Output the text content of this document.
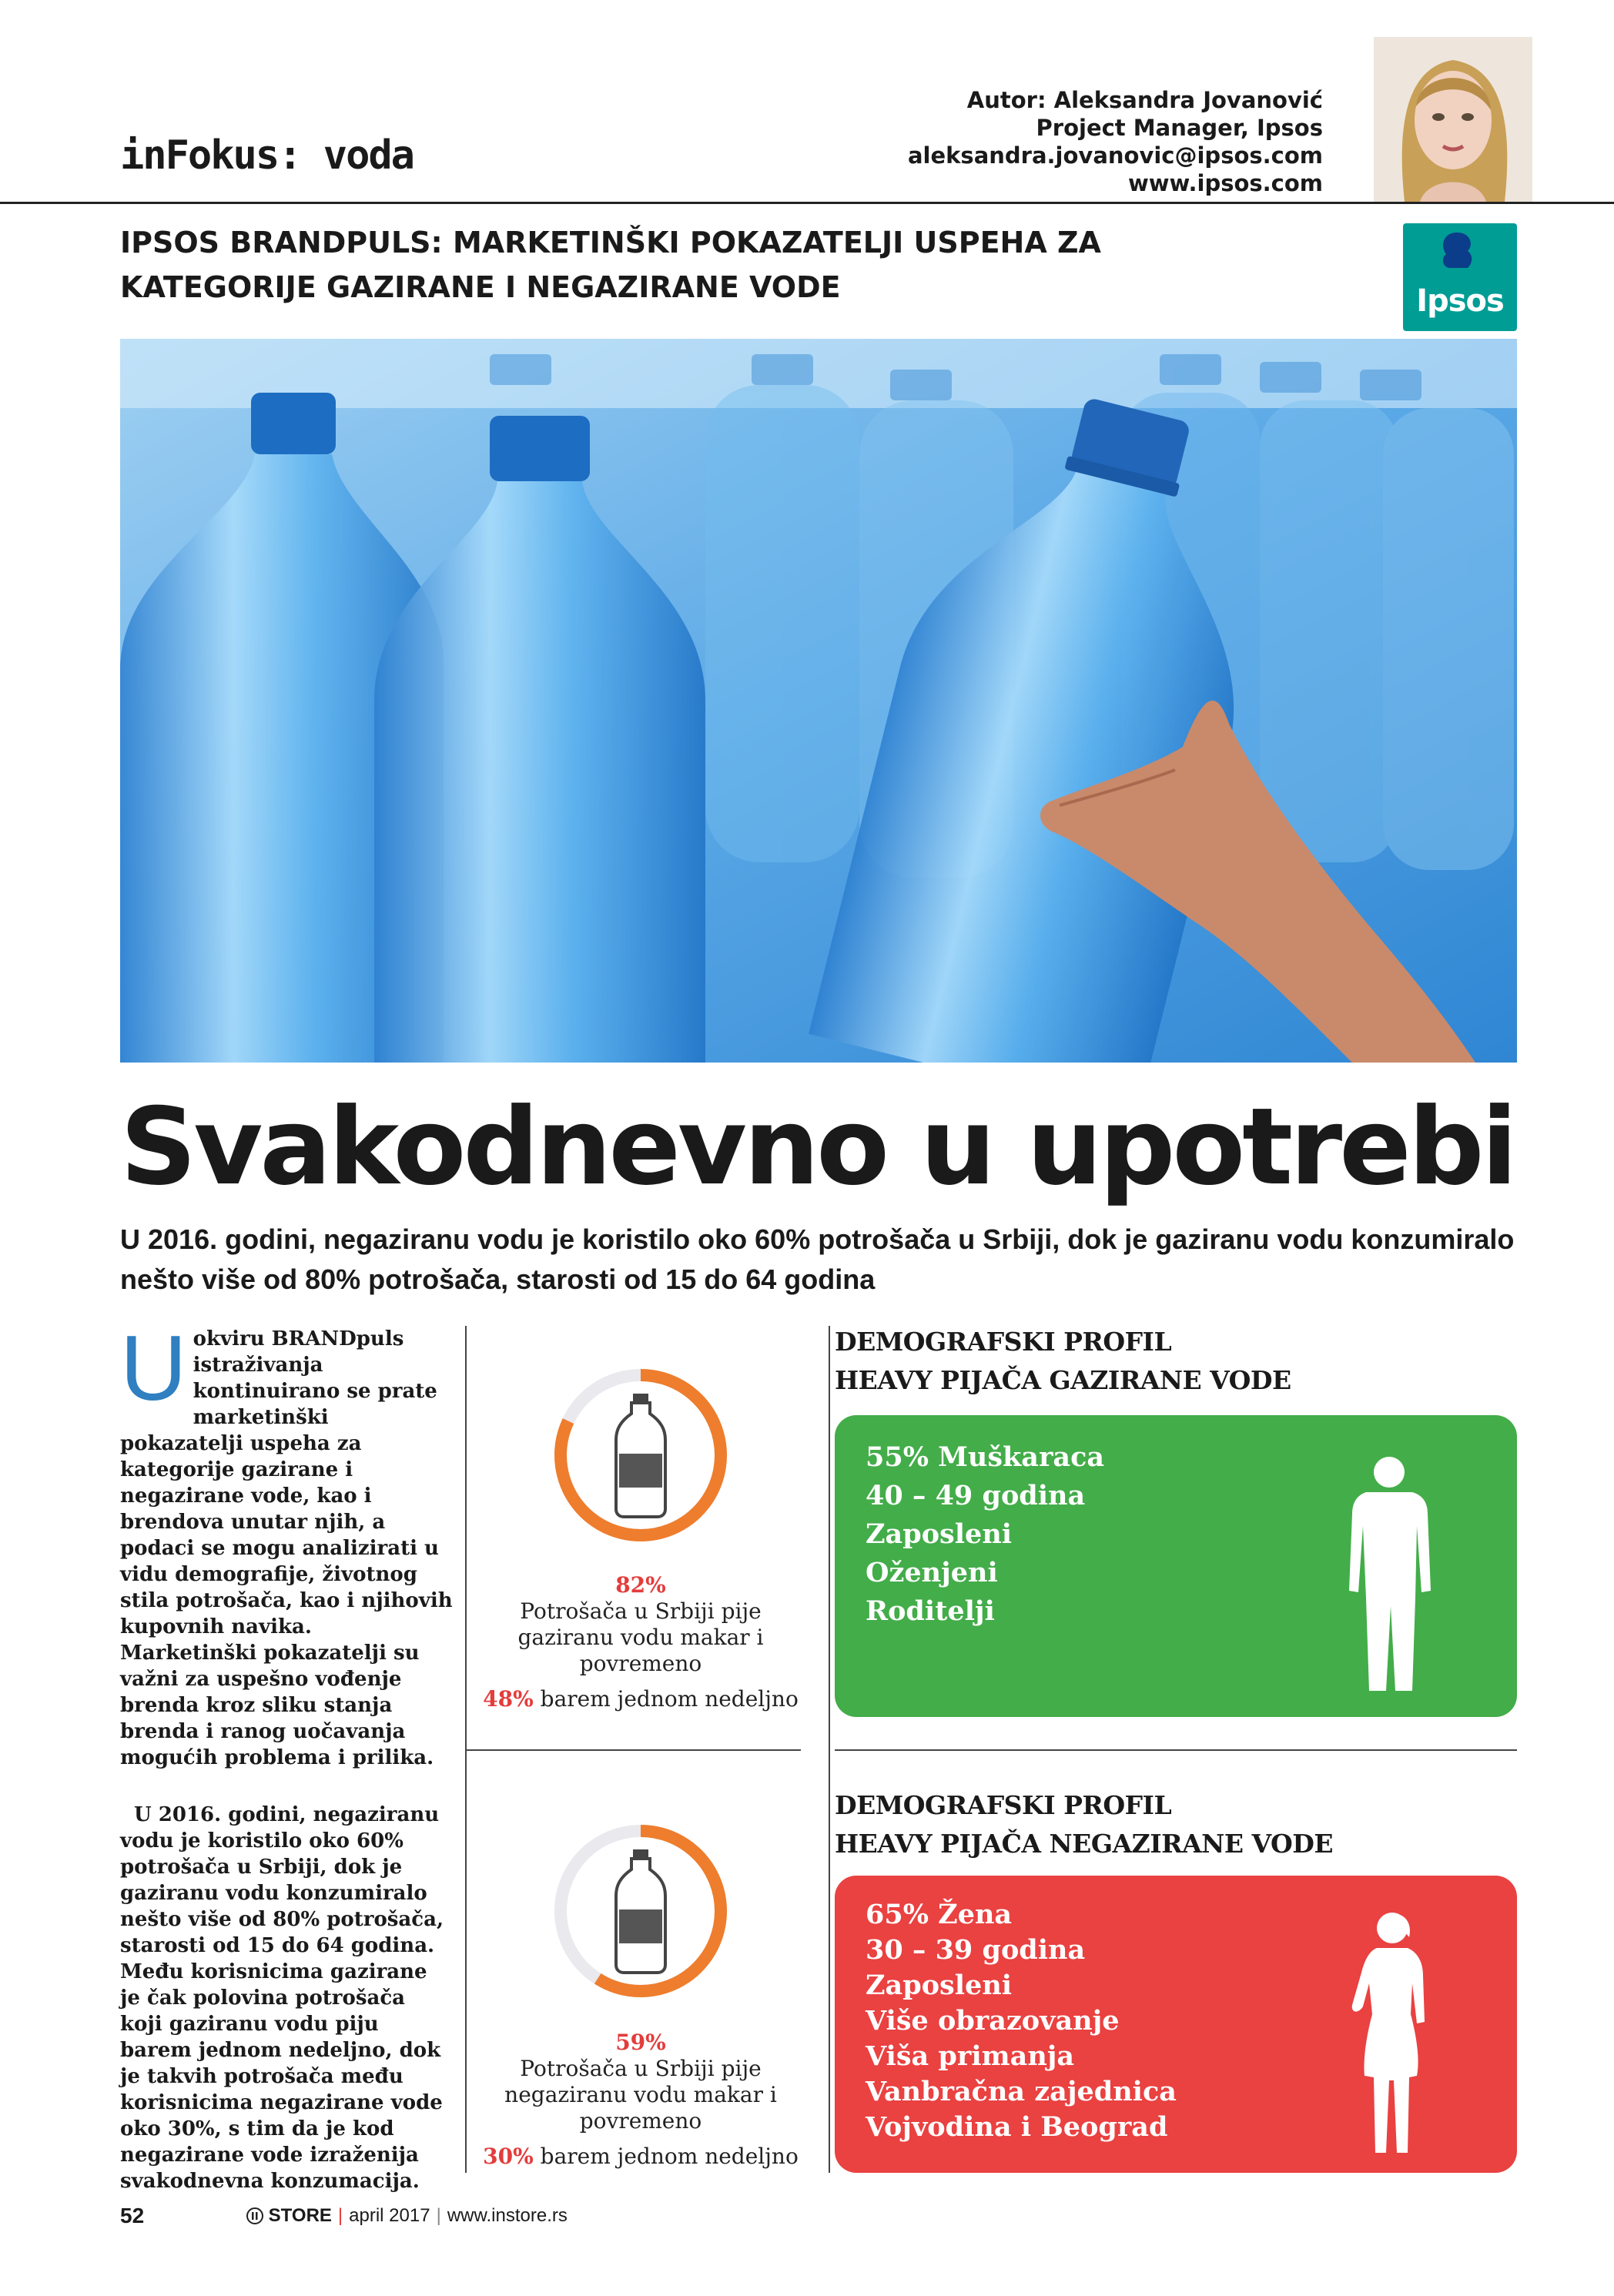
inFokus: voda
Autor: Aleksandra Jovanović
Project Manager, Ipsos
aleksandra.jovanovic@ipsos.com
www.ipsos.com
IPSOS BRANDPULS: MARKETINŠKI POKAZATELJI USPEHA ZA
KATEGORIJE GAZIRANE I NEGAZIRANE VODE	Ipsos
Svakodnevno u upotrebi
U 2016. godini, negaziranu vodu je koristilo oko 60% potrošača u Srbiji, dok je gaziranu vodu konzumiralo
nešto više od 80% potrošača, starosti od 15 do 64 godina

Uokviru BRANDpuls istraživanja kontinuirano se prate marketinški pokazatelji uspeha za kategorije gazirane i negazirane vode, kao i brendova unutar njih, a podaci se mogu analizirati u vidu demografije, životnog stila potrošača, kao i njihovih kupovnih navika. Marketinški pokazatelji su važni za uspešno vođenje brenda kroz sliku stanja brenda i ranog uočavanja mogućih problema i prilika.

U 2016. godini, negaziranu vodu je koristilo oko 60% potrošača u Srbiji, dok je gaziranu vodu konzumiralo nešto više od 80% potrošača, starosti od 15 do 64 godina. Među korisnicima gazirane je čak polovina potrošača koji gaziranu vodu piju barem jednom nedeljno, dok je takvih potrošača među korisnicima negazirane vode oko 30%, s tim da je kod negazirane vode izraženija svakodnevna konzumacija.

82%
Potrošača u Srbiji pije
gaziranu vodu makar i
povremeno
48% barem jednom nedeljno
59%
Potrošača u Srbiji pije
negaziranu vodu makar i
povremeno
30% barem jednom nedeljno
DEMOGRAFSKI PROFIL
HEAVY PIJAČA GAZIRANE VODE
55% Muškaraca
40 – 49 godina
Zaposleni
Oženjeni
Roditelji
DEMOGRAFSKI PROFIL
HEAVY PIJAČA NEGAZIRANE VODE
65% Žena
30 – 39 godina
Zaposleni
Više obrazovanje
Viša primanja
Vanbračna zajednica
Vojvodina i Beograd
52	STORE | april 2017 | www.instore.rs
